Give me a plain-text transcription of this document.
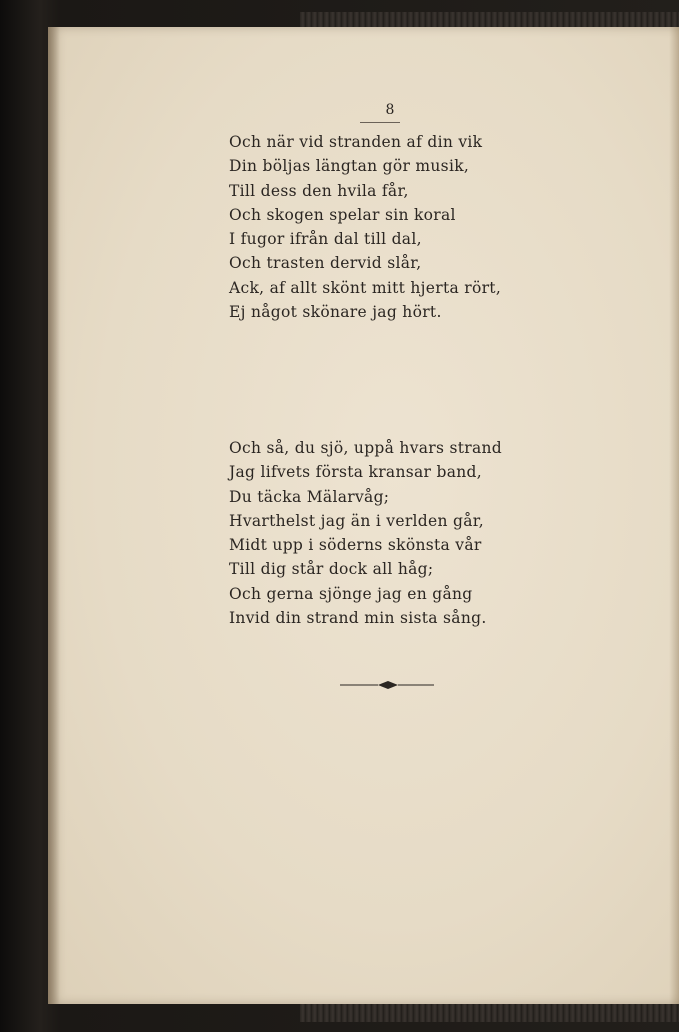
8
Och när vid stranden af din vik
Din böljas längtan gör musik,
Till dess den hvila får,
Och skogen spelar sin koral
I fugor ifrån dal till dal,
Och trasten dervid slår,
Ack, af allt skönt mitt hjerta rört,
Ej något skönare jag hört.
Och så, du sjö, uppå hvars strand
Jag lifvets första kransar band,
Du täcka Mälarvåg;
Hvarthelst jag än i verlden går,
Midt upp i söderns skönsta vår
Till dig står dock all håg;
Och gerna sjönge jag en gång
Invid din strand min sista sång.
